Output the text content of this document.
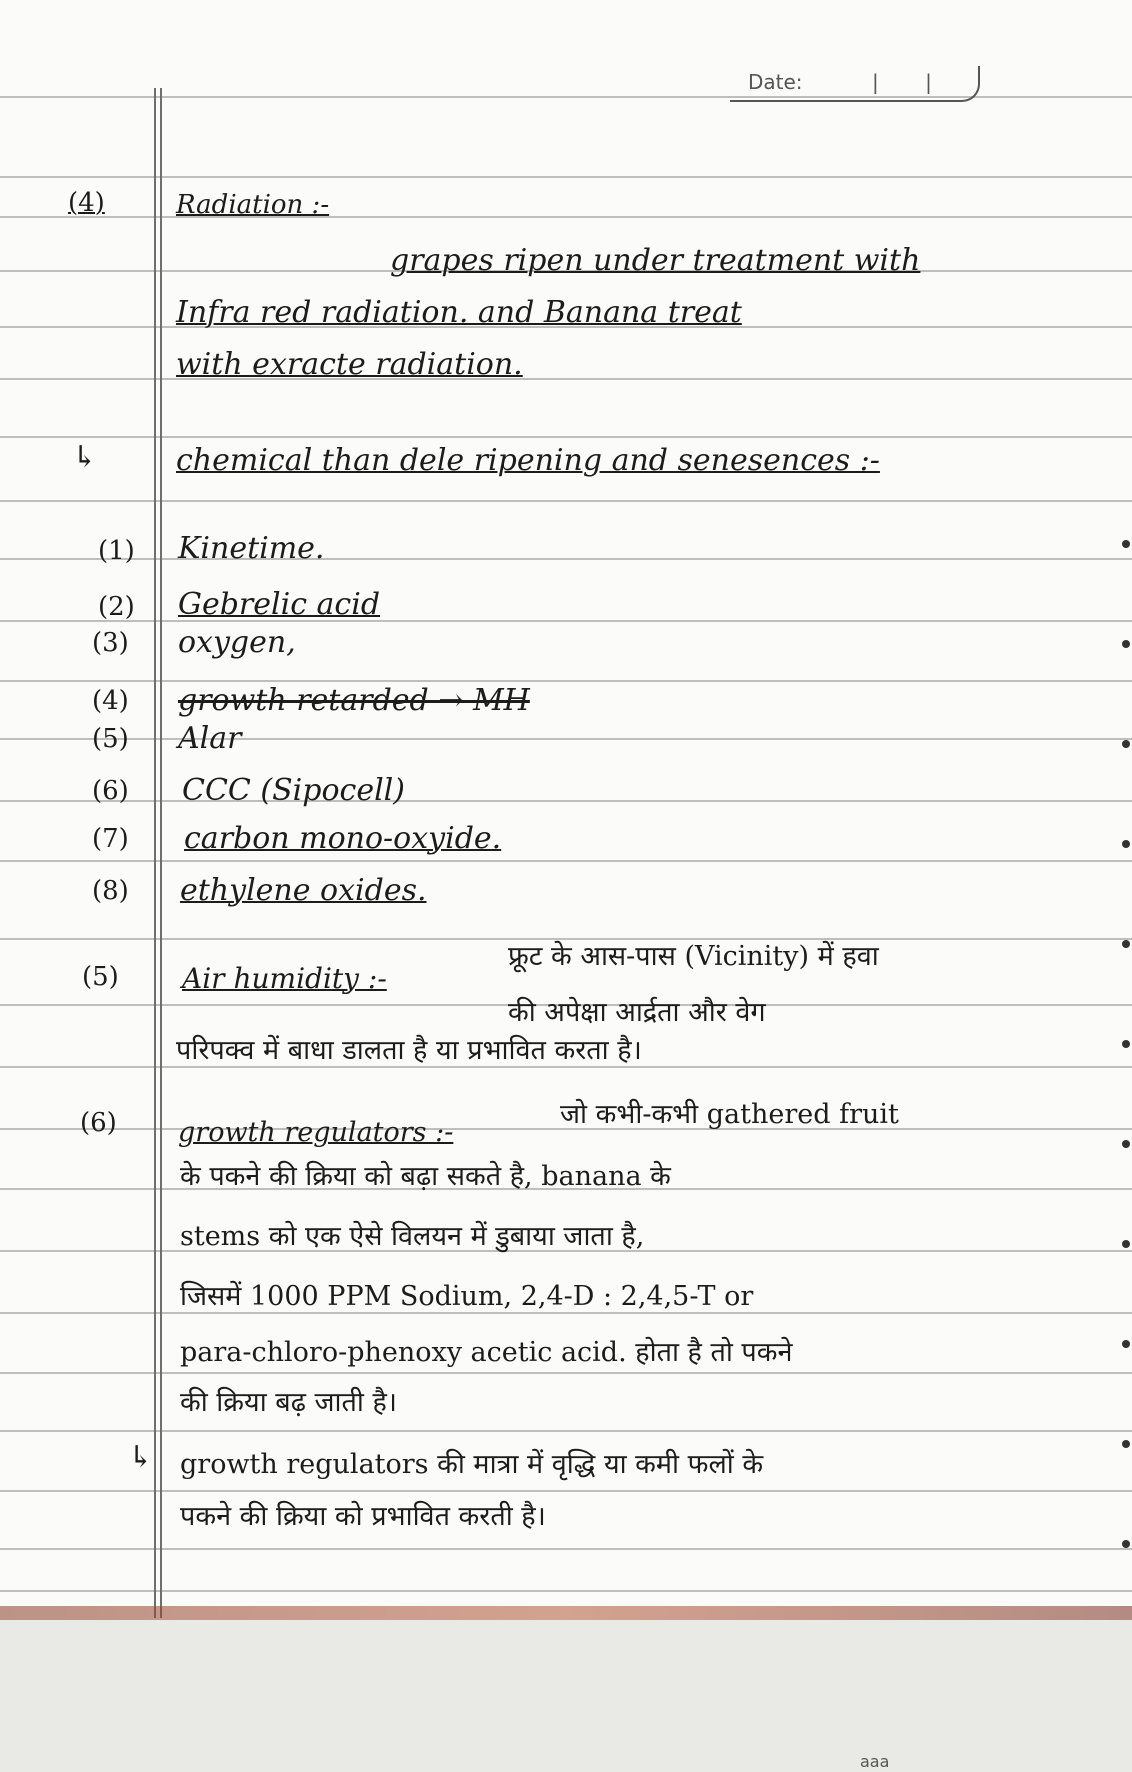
Date:	| |
(4)	Radiation :-
grapes ripen under treatment with
Infra red radiation. and Banana treat
with exracte radiation.
↳	chemical than dele ripening and senesences :-
(1) Kinetime.
(2) Gebrelic acid
(3) oxygen,
(4) growth retarded → MH
(5) Alar
(6) CCC (Sipocell)
(7) carbon mono-oxyide.
(8) ethylene oxides.
(5) Air humidity :-
फ्रूट के आस-पास (Vicinity) में हवा
की अपेक्षा आर्द्रता और वेग
परिपक्व में बाधा डालता है या प्रभावित करता है।
(6) growth regulators :-
जो कभी-कभी gathered fruit
के पकने की क्रिया को बढ़ा सकते है, banana के
stems को एक ऐसे विलयन में डुबाया जाता है,
जिसमें 1000 PPM Sodium, 2,4-D : 2,4,5-T or
para-chloro-phenoxy acetic acid. होता है तो पकने
की क्रिया बढ़ जाती है।
↳ growth regulators की मात्रा में वृद्धि या कमी फलों के
पकने की क्रिया को प्रभावित करती है।
ааа
